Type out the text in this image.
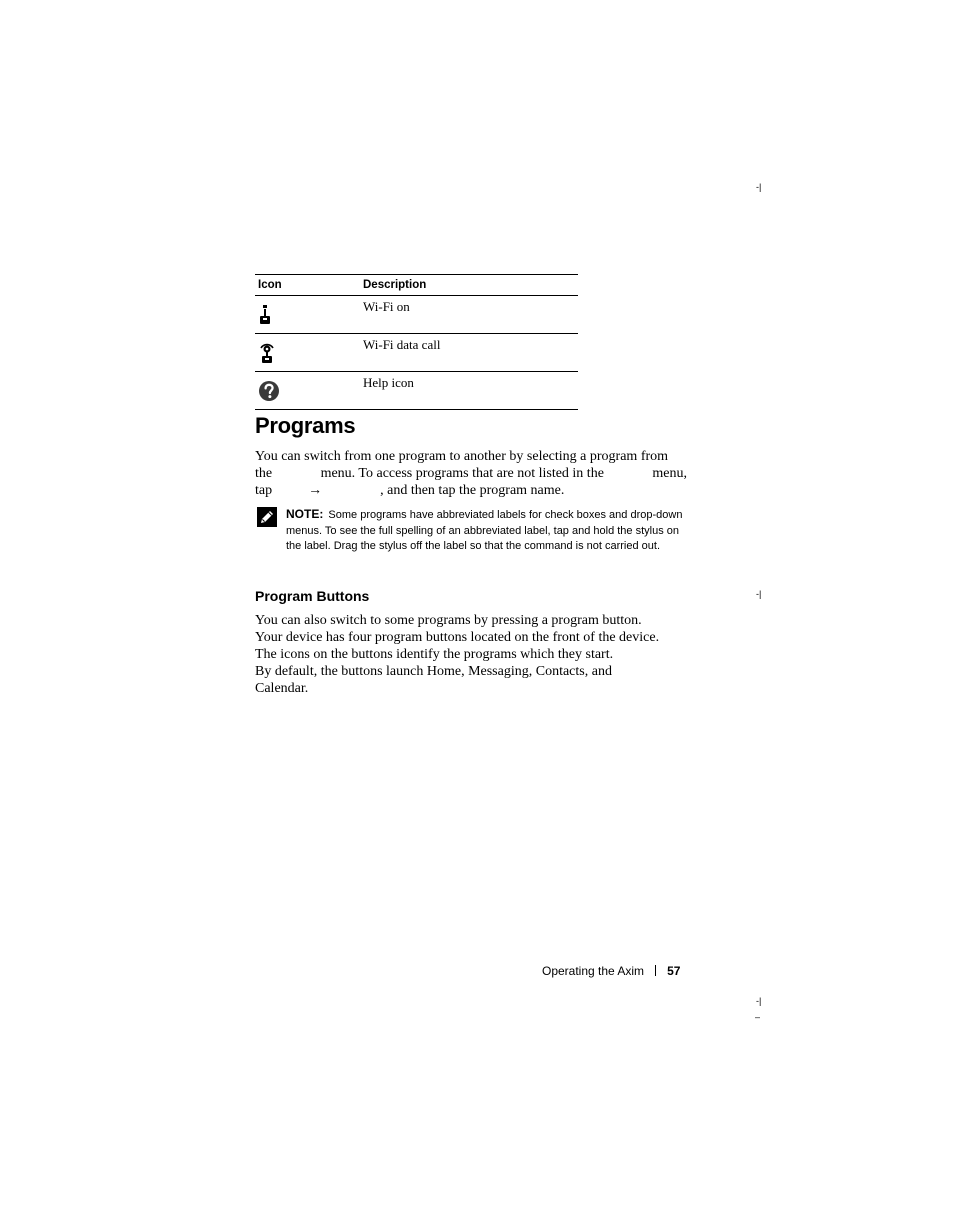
-|
-|
-|
–
Icon	Description

	Wi-Fi on

	Wi-Fi data call

	Help icon
Programs
You can switch from one program to another by selecting a program from
the	menu. To access programs that are not listed in the	menu,
tap	→	, and then tap the program name.
NOTE: Some programs have abbreviated labels for check boxes and drop-down menus. To see the full spelling of an abbreviated label, tap and hold the stylus on the label. Drag the stylus off the label so that the command is not carried out.
Program Buttons
You can also switch to some programs by pressing a program button.
Your device has four program buttons located on the front of the device.
The icons on the buttons identify the programs which they start.
By default, the buttons launch Home, Messaging, Contacts, and
Calendar.
Operating the Axim 57
